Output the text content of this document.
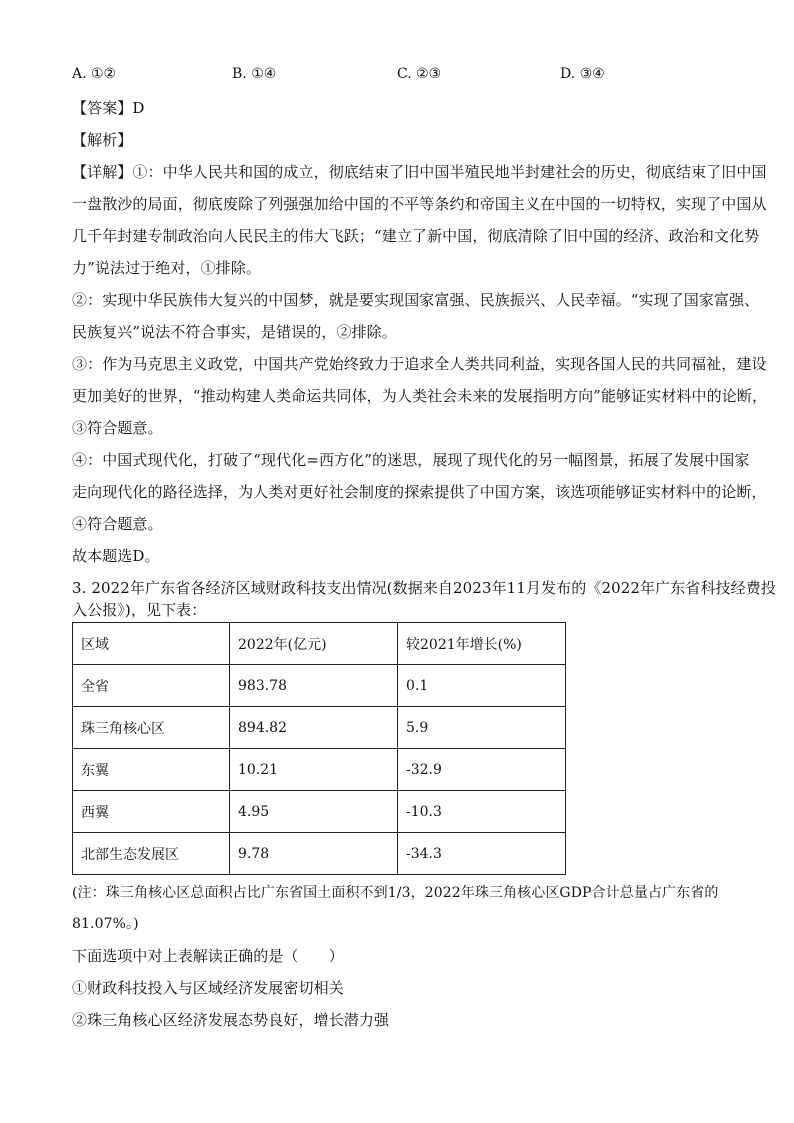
A. ①②	B. ①④	C. ②③	D. ③④
【答案】D
【解析】
【详解】①：中华人民共和国的成立，彻底结束了旧中国半殖民地半封建社会的历史，彻底结束了旧中国
一盘散沙的局面，彻底废除了列强强加给中国的不平等条约和帝国主义在中国的一切特权，实现了中国从
几千年封建专制政治向人民民主的伟大飞跃；“建立了新中国，彻底清除了旧中国的经济、政治和文化势
力”说法过于绝对，①排除。
②：实现中华民族伟大复兴的中国梦，就是要实现国家富强、民族振兴、人民幸福。“实现了国家富强、
民族复兴”说法不符合事实，是错误的，②排除。
③：作为马克思主义政党，中国共产党始终致力于追求全人类共同利益，实现各国人民的共同福祉，建设
更加美好的世界，“推动构建人类命运共同体，为人类社会未来的发展指明方向”能够证实材料中的论断，
③符合题意。
④：中国式现代化，打破了“现代化=西方化”的迷思，展现了现代化的另一幅图景，拓展了发展中国家
走向现代化的路径选择，为人类对更好社会制度的探索提供了中国方案，该选项能够证实材料中的论断，
④符合题意。
故本题选D。
3. 2022年广东省各经济区域财政科技支出情况(数据来自2023年11月发布的《2022年广东省科技经费投
入公报》)，见下表：
区域	2022年(亿元)	较2021年增长(%)
全省	983.78	0.1
珠三角核心区	894.82	5.9
东翼	10.21	-32.9
西翼	4.95	-10.3
北部生态发展区	9.78	-34.3
(注：珠三角核心区总面积占比广东省国土面积不到1/3，2022年珠三角核心区GDP合计总量占广东省的
81.07%。)
下面选项中对上表解读正确的是（　　）
①财政科技投入与区域经济发展密切相关
②珠三角核心区经济发展态势良好，增长潜力强
